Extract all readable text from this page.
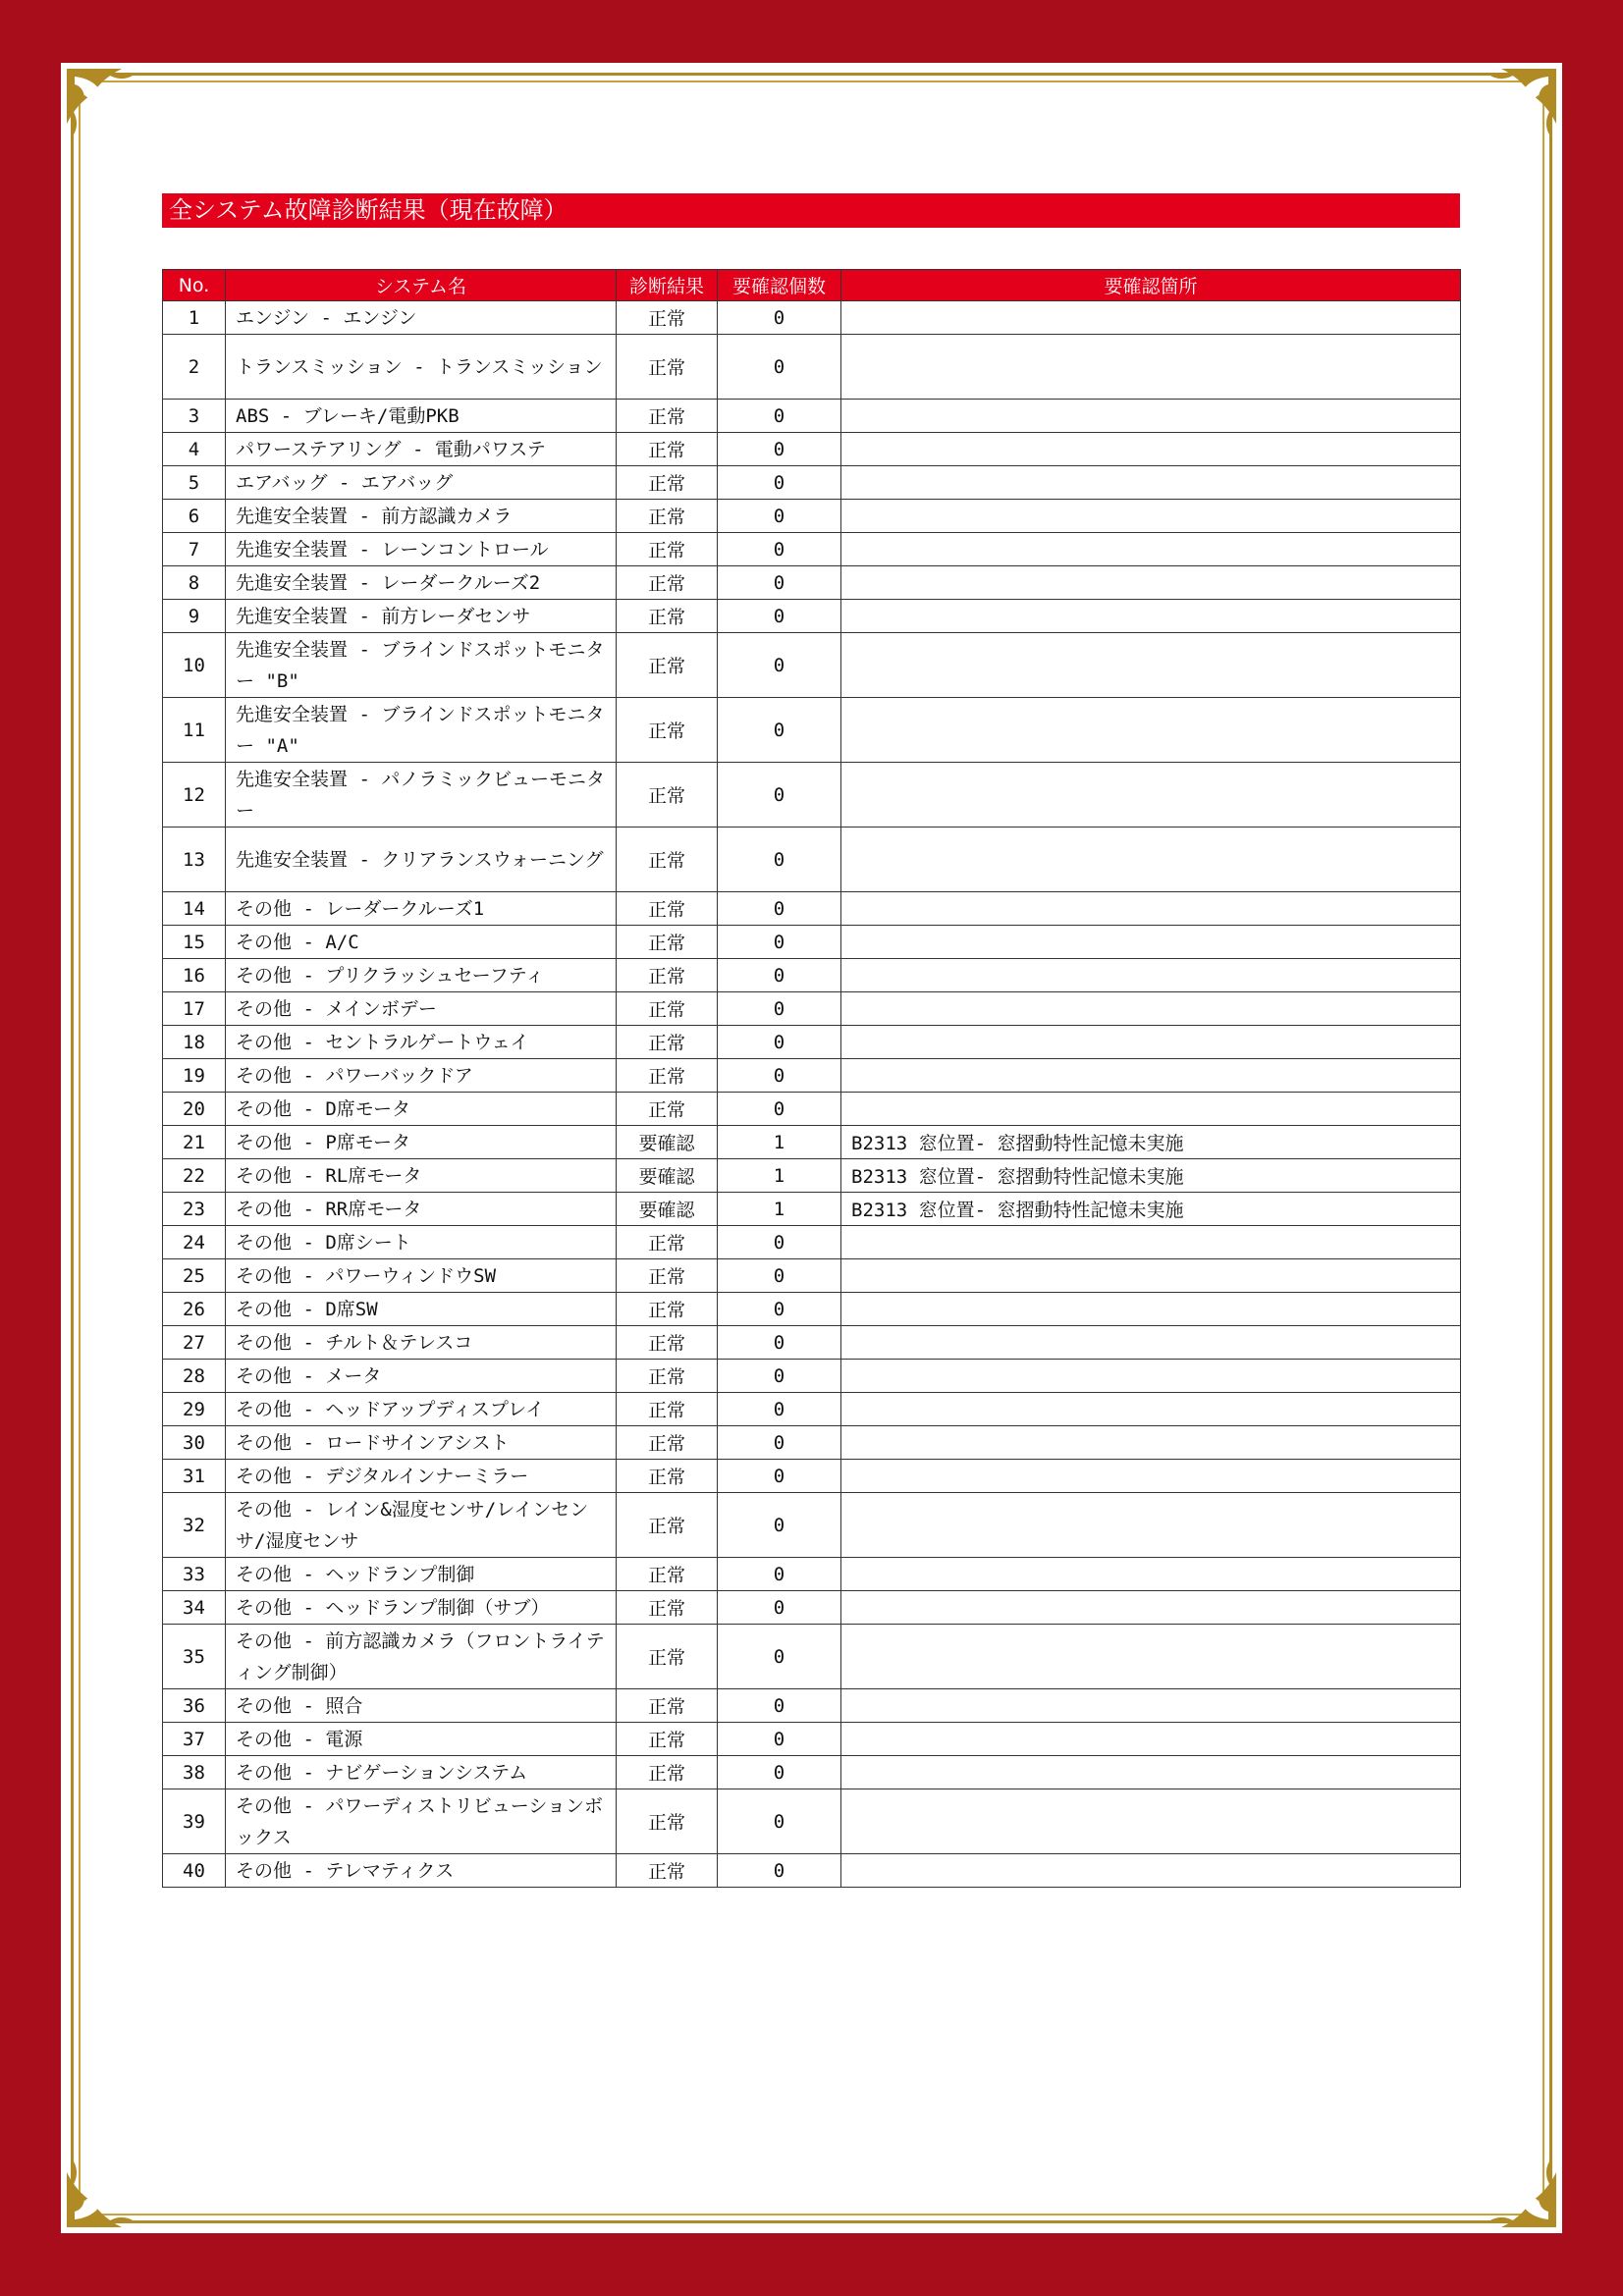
全システム故障診断結果（現在故障）
No.	システム名	診断結果	要確認個数	要確認箇所
1	エンジン - エンジン	正常	0	
2	トランスミッション - トランスミッション	正常	0	
3	ABS - ブレーキ/電動PKB	正常	0	
4	パワーステアリング - 電動パワステ	正常	0	
5	エアバッグ - エアバッグ	正常	0	
6	先進安全装置 - 前方認識カメラ	正常	0	
7	先進安全装置 - レーンコントロール	正常	0	
8	先進安全装置 - レーダークルーズ2	正常	0	
9	先進安全装置 - 前方レーダセンサ	正常	0	
10	先進安全装置 - ブラインドスポットモニター "B"	正常	0	
11	先進安全装置 - ブラインドスポットモニター "A"	正常	0	
12	先進安全装置 - パノラミックビューモニター	正常	0	
13	先進安全装置 - クリアランスウォーニング	正常	0	
14	その他 - レーダークルーズ1	正常	0	
15	その他 - A/C	正常	0	
16	その他 - プリクラッシュセーフティ	正常	0	
17	その他 - メインボデー	正常	0	
18	その他 - セントラルゲートウェイ	正常	0	
19	その他 - パワーバックドア	正常	0	
20	その他 - D席モータ	正常	0	
21	その他 - P席モータ	要確認	1	B2313 窓位置- 窓摺動特性記憶未実施
22	その他 - RL席モータ	要確認	1	B2313 窓位置- 窓摺動特性記憶未実施
23	その他 - RR席モータ	要確認	1	B2313 窓位置- 窓摺動特性記憶未実施
24	その他 - D席シート	正常	0	
25	その他 - パワーウィンドウSW	正常	0	
26	その他 - D席SW	正常	0	
27	その他 - チルト＆テレスコ	正常	0	
28	その他 - メータ	正常	0	
29	その他 - ヘッドアップディスプレイ	正常	0	
30	その他 - ロードサインアシスト	正常	0	
31	その他 - デジタルインナーミラー	正常	0	
32	その他 - レイン&湿度センサ/レインセンサ/湿度センサ	正常	0	
33	その他 - ヘッドランプ制御	正常	0	
34	その他 - ヘッドランプ制御（サブ）	正常	0	
35	その他 - 前方認識カメラ（フロントライティング制御）	正常	0	
36	その他 - 照合	正常	0	
37	その他 - 電源	正常	0	
38	その他 - ナビゲーションシステム	正常	0	
39	その他 - パワーディストリビューションボックス	正常	0	
40	その他 - テレマティクス	正常	0	
